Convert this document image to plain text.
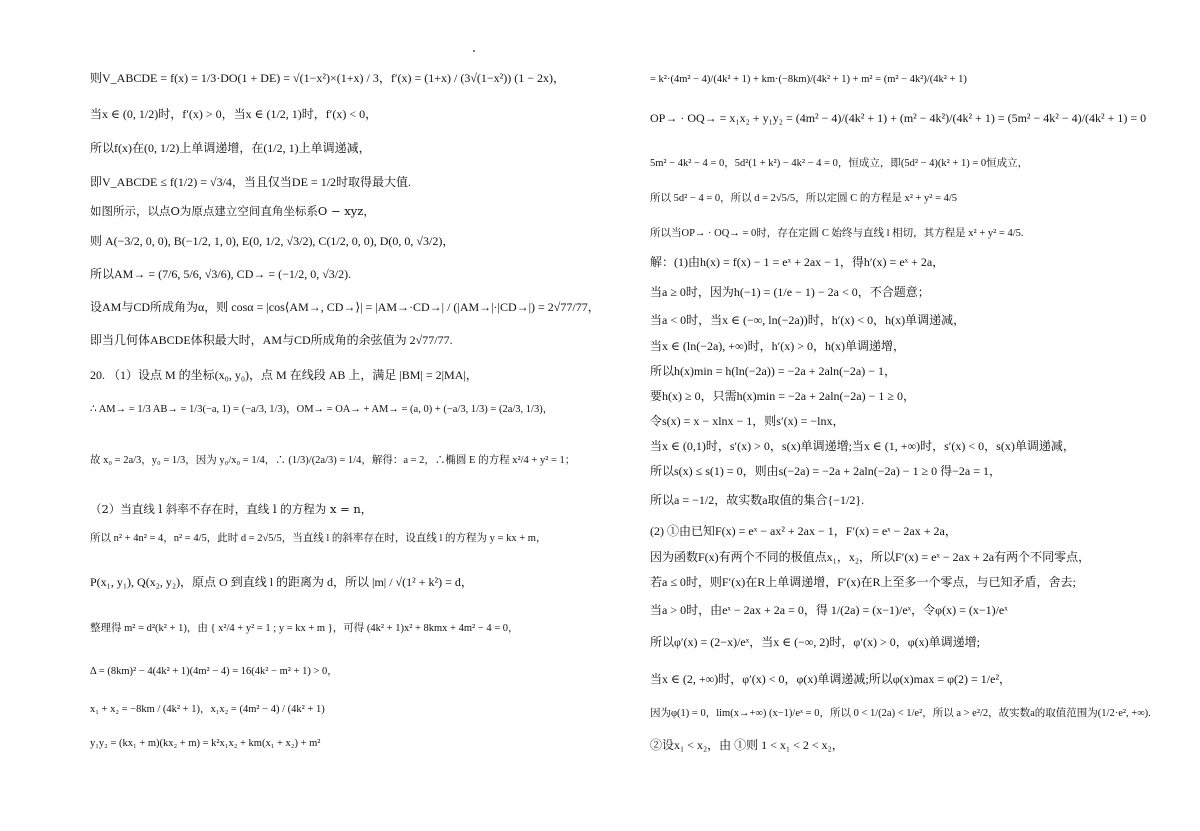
则V_ABCDE = f(x) = 1/3·DO(1 + DE) = √(1−x²)×(1+x) / 3，f′(x) = (1+x) / (3√(1−x²)) (1 − 2x)，
当x ∈ (0, 1/2)时，f′(x) > 0，当x ∈ (1/2, 1)时，f′(x) < 0，
所以f(x)在(0, 1/2)上单调递增，在(1/2, 1)上单调递减，
即V_ABCDE ≤ f(1/2) = √3/4，当且仅当DE = 1/2时取得最大值.
如图所示，以点O为原点建立空间直角坐标系O − xyz，
则 A(−3/2, 0, 0), B(−1/2, 1, 0), E(0, 1/2, √3/2), C(1/2, 0, 0), D(0, 0, √3/2)，
所以AM→ = (7/6, 5/6, √3/6), CD→ = (−1/2, 0, √3/2).
设AM与CD所成角为α，则 cosα = |cos⟨AM→, CD→⟩| = |AM→·CD→| / (|AM→|·|CD→|) = 2√77/77，
即当几何体ABCDE体积最大时，AM与CD所成角的余弦值为 2√77/77.
20. （1）设点 M 的坐标(x₀, y₀)，点 M 在线段 AB 上，满足 |BM| = 2|MA|，
∴ AM→ = 1/3 AB→ = 1/3(−a, 1) = (−a/3, 1/3)，OM→ = OA→ + AM→ = (a, 0) + (−a/3, 1/3) = (2a/3, 1/3)，
故 x₀ = 2a/3，y₀ = 1/3，因为 y₀/x₀ = 1/4，∴ (1/3)/(2a/3) = 1/4，解得：a = 2，∴椭圆 E 的方程 x²/4 + y² = 1；
（2）当直线 l 斜率不存在时，直线 l 的方程为 x = n，
所以 n² + 4n² = 4，n² = 4/5，此时 d = 2√5/5，当直线 l 的斜率存在时，设直线 l 的方程为 y = kx + m，
P(x₁, y₁), Q(x₂, y₂)，原点 O 到直线 l 的距离为 d，所以 |m| / √(1² + k²) = d，
整理得 m² = d²(k² + 1)，由 { x²/4 + y² = 1 ; y = kx + m }，可得 (4k² + 1)x² + 8kmx + 4m² − 4 = 0，
Δ = (8km)² − 4(4k² + 1)(4m² − 4) = 16(4k² − m² + 1) > 0，
x₁ + x₂ = −8km / (4k² + 1)，x₁x₂ = (4m² − 4) / (4k² + 1)
y₁y₂ = (kx₁ + m)(kx₂ + m) = k²x₁x₂ + km(x₁ + x₂) + m²
= k²·(4m² − 4)/(4k² + 1) + km·(−8km)/(4k² + 1) + m² = (m² − 4k²)/(4k² + 1)
OP→ · OQ→ = x₁x₂ + y₁y₂ = (4m² − 4)/(4k² + 1) + (m² − 4k²)/(4k² + 1) = (5m² − 4k² − 4)/(4k² + 1) = 0
5m² − 4k² − 4 = 0，5d²(1 + k²) − 4k² − 4 = 0，恒成立，即(5d² − 4)(k² + 1) = 0恒成立，
所以 5d² − 4 = 0，所以 d = 2√5/5，所以定圆 C 的方程是 x² + y² = 4/5
所以当OP→ · OQ→ = 0时，存在定圆 C 始终与直线 l 相切，其方程是 x² + y² = 4/5.
解：(1)由h(x) = f(x) − 1 = eˣ + 2ax − 1，得h′(x) = eˣ + 2a，
当a ≥ 0时，因为h(−1) = (1/e − 1) − 2a < 0，不合题意；
当a < 0时，当x ∈ (−∞, ln(−2a))时，h′(x) < 0，h(x)单调递减，
当x ∈ (ln(−2a), +∞)时，h′(x) > 0，h(x)单调递增，
所以h(x)min = h(ln(−2a)) = −2a + 2aln(−2a) − 1，
要h(x) ≥ 0，只需h(x)min = −2a + 2aln(−2a) − 1 ≥ 0，
令s(x) = x − xlnx − 1，则s′(x) = −lnx，
当x ∈ (0,1)时，s′(x) > 0，s(x)单调递增;当x ∈ (1, +∞)时，s′(x) < 0，s(x)单调递减，
所以s(x) ≤ s(1) = 0，则由s(−2a) = −2a + 2aln(−2a) − 1 ≥ 0 得−2a = 1，
所以a = −1/2，故实数a取值的集合{−1/2}.
(2) ①由已知F(x) = eˣ − ax² + 2ax − 1，F′(x) = eˣ − 2ax + 2a，
因为函数F(x)有两个不同的极值点x₁，x₂，所以F′(x) = eˣ − 2ax + 2a有两个不同零点，
若a ≤ 0时，则F′(x)在R上单调递增，F′(x)在R上至多一个零点，与已知矛盾，舍去;
当a > 0时，由eˣ − 2ax + 2a = 0，得 1/(2a) = (x−1)/eˣ，令φ(x) = (x−1)/eˣ
所以φ′(x) = (2−x)/eˣ，当x ∈ (−∞, 2)时，φ′(x) > 0，φ(x)单调递增;
当x ∈ (2, +∞)时，φ′(x) < 0，φ(x)单调递减;所以φ(x)max = φ(2) = 1/e²，
因为φ(1) = 0，lim(x→+∞) (x−1)/eˣ = 0，所以 0 < 1/(2a) < 1/e²，所以 a > e²/2，故实数a的取值范围为(1/2·e², +∞).
②设x₁ < x₂，由 ①则 1 < x₁ < 2 < x₂，
